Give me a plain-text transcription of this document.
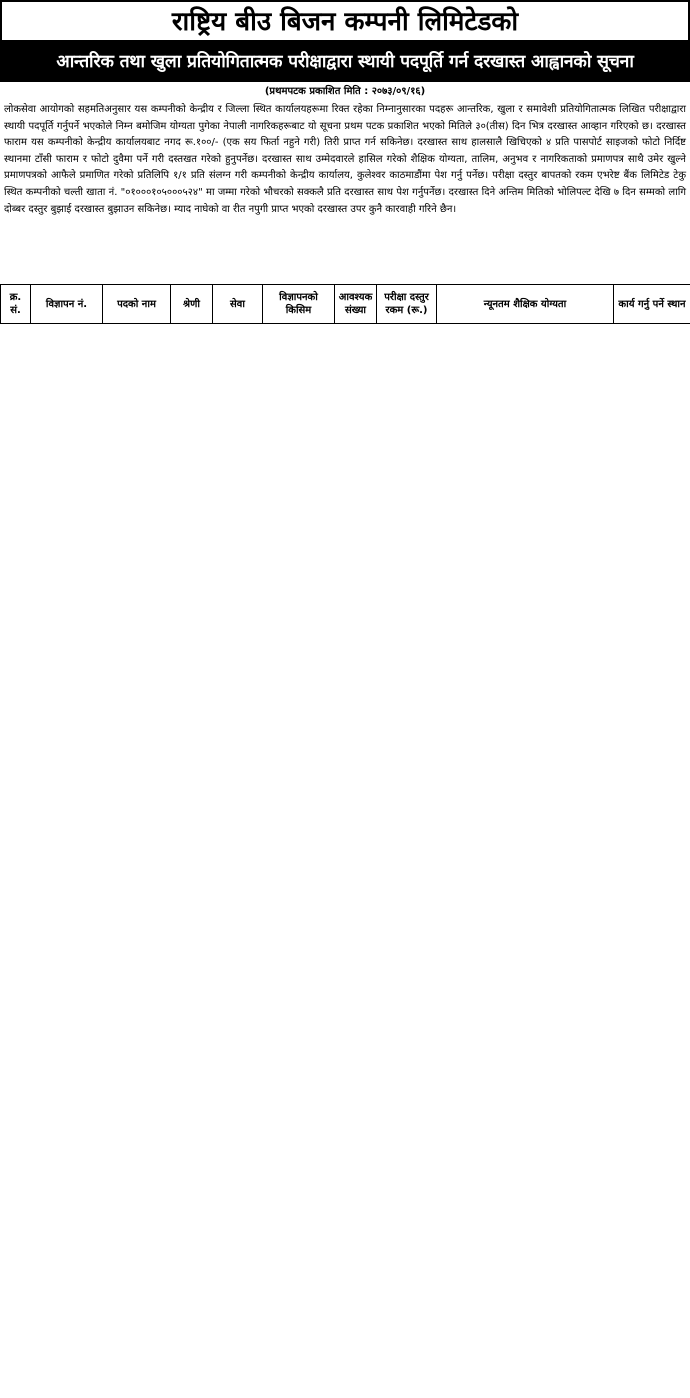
राष्ट्रिय बीउ बिजन कम्पनी लिमिटेडको
आन्तरिक तथा खुला प्रतियोगितात्मक परीक्षाद्वारा स्थायी पदपूर्ति गर्न दरखास्त आह्वानको सूचना
(प्रथमपटक प्रकाशित मिति : २०७३/०९/१६)
लोकसेवा आयोगको सहमतिअनुसार यस कम्पनीको केन्द्रीय र जिल्ला स्थित कार्यालयहरूमा रिक्त रहेका निम्नानुसारका पदहरू आन्तरिक, खुला र समावेशी प्रतियोगितात्मक लिखित परीक्षाद्वारा स्थायी पदपूर्ति गर्नुपर्ने भएकोले निम्न बमोजिम योग्यता पुगेका नेपाली नागरिकहरूबाट यो सूचना प्रथम पटक प्रकाशित भएको मितिले ३०(तीस) दिन भित्र दरखास्त आव्हान गरिएको छ। दरखास्त फाराम यस कम्पनीको केन्द्रीय कार्यालयबाट नगद रू.१००/- (एक सय फिर्ता नहुने गरी) तिरी प्राप्त गर्न सकिनेछ। दरखास्त साथ हालसालै खिचिएको ४ प्रति पासपोर्ट साइजको फोटो निर्दिष्ट स्थानमा टाँसी फाराम र फोटो दुवैमा पर्ने गरी दस्तखत गरेको हुनुपर्नेछ। दरखास्त साथ उम्मेदवारले हासिल गरेको शैक्षिक योग्यता, तालिम, अनुभव र नागरिकताको प्रमाणपत्र साथै उमेर खुल्ने प्रमाणपत्रको आफैले प्रमाणित गरेको प्रतिलिपि १/१ प्रति संलग्न गरी कम्पनीको केन्द्रीय कार्यालय, कुलेश्वर काठमाडौंमा पेश गर्नु पर्नेछ। परीक्षा दस्तुर बापतको रकम एभरेष्ट बैंक लिमिटेड टेकु स्थित कम्पनीको चल्ती खाता नं. "०१०००१०५०००५२४" मा जम्मा गरेको भौचरको सक्कलै प्रति दरखास्त साथ पेश गर्नुपर्नेछ। दरखास्त दिने अन्तिम मितिको भोलिपल्ट देखि ७ दिन सम्मको लागि दोब्बर दस्तुर बुझाई दरखास्त बुझाउन सकिनेछ। म्याद नाघेको वा रीत नपुगी प्राप्त भएको दरखास्त उपर कुनै कारवाही गरिने छैन।
क्र. सं.	विज्ञापन नं.	पदको नाम	श्रेणी	सेवा	विज्ञापनको किसिम	आवश्यक संख्या	परीक्षा दस्तुर रकम (रू.)	न्यूनतम शैक्षिक योग्यता	कार्य गर्नु पर्ने स्थान
